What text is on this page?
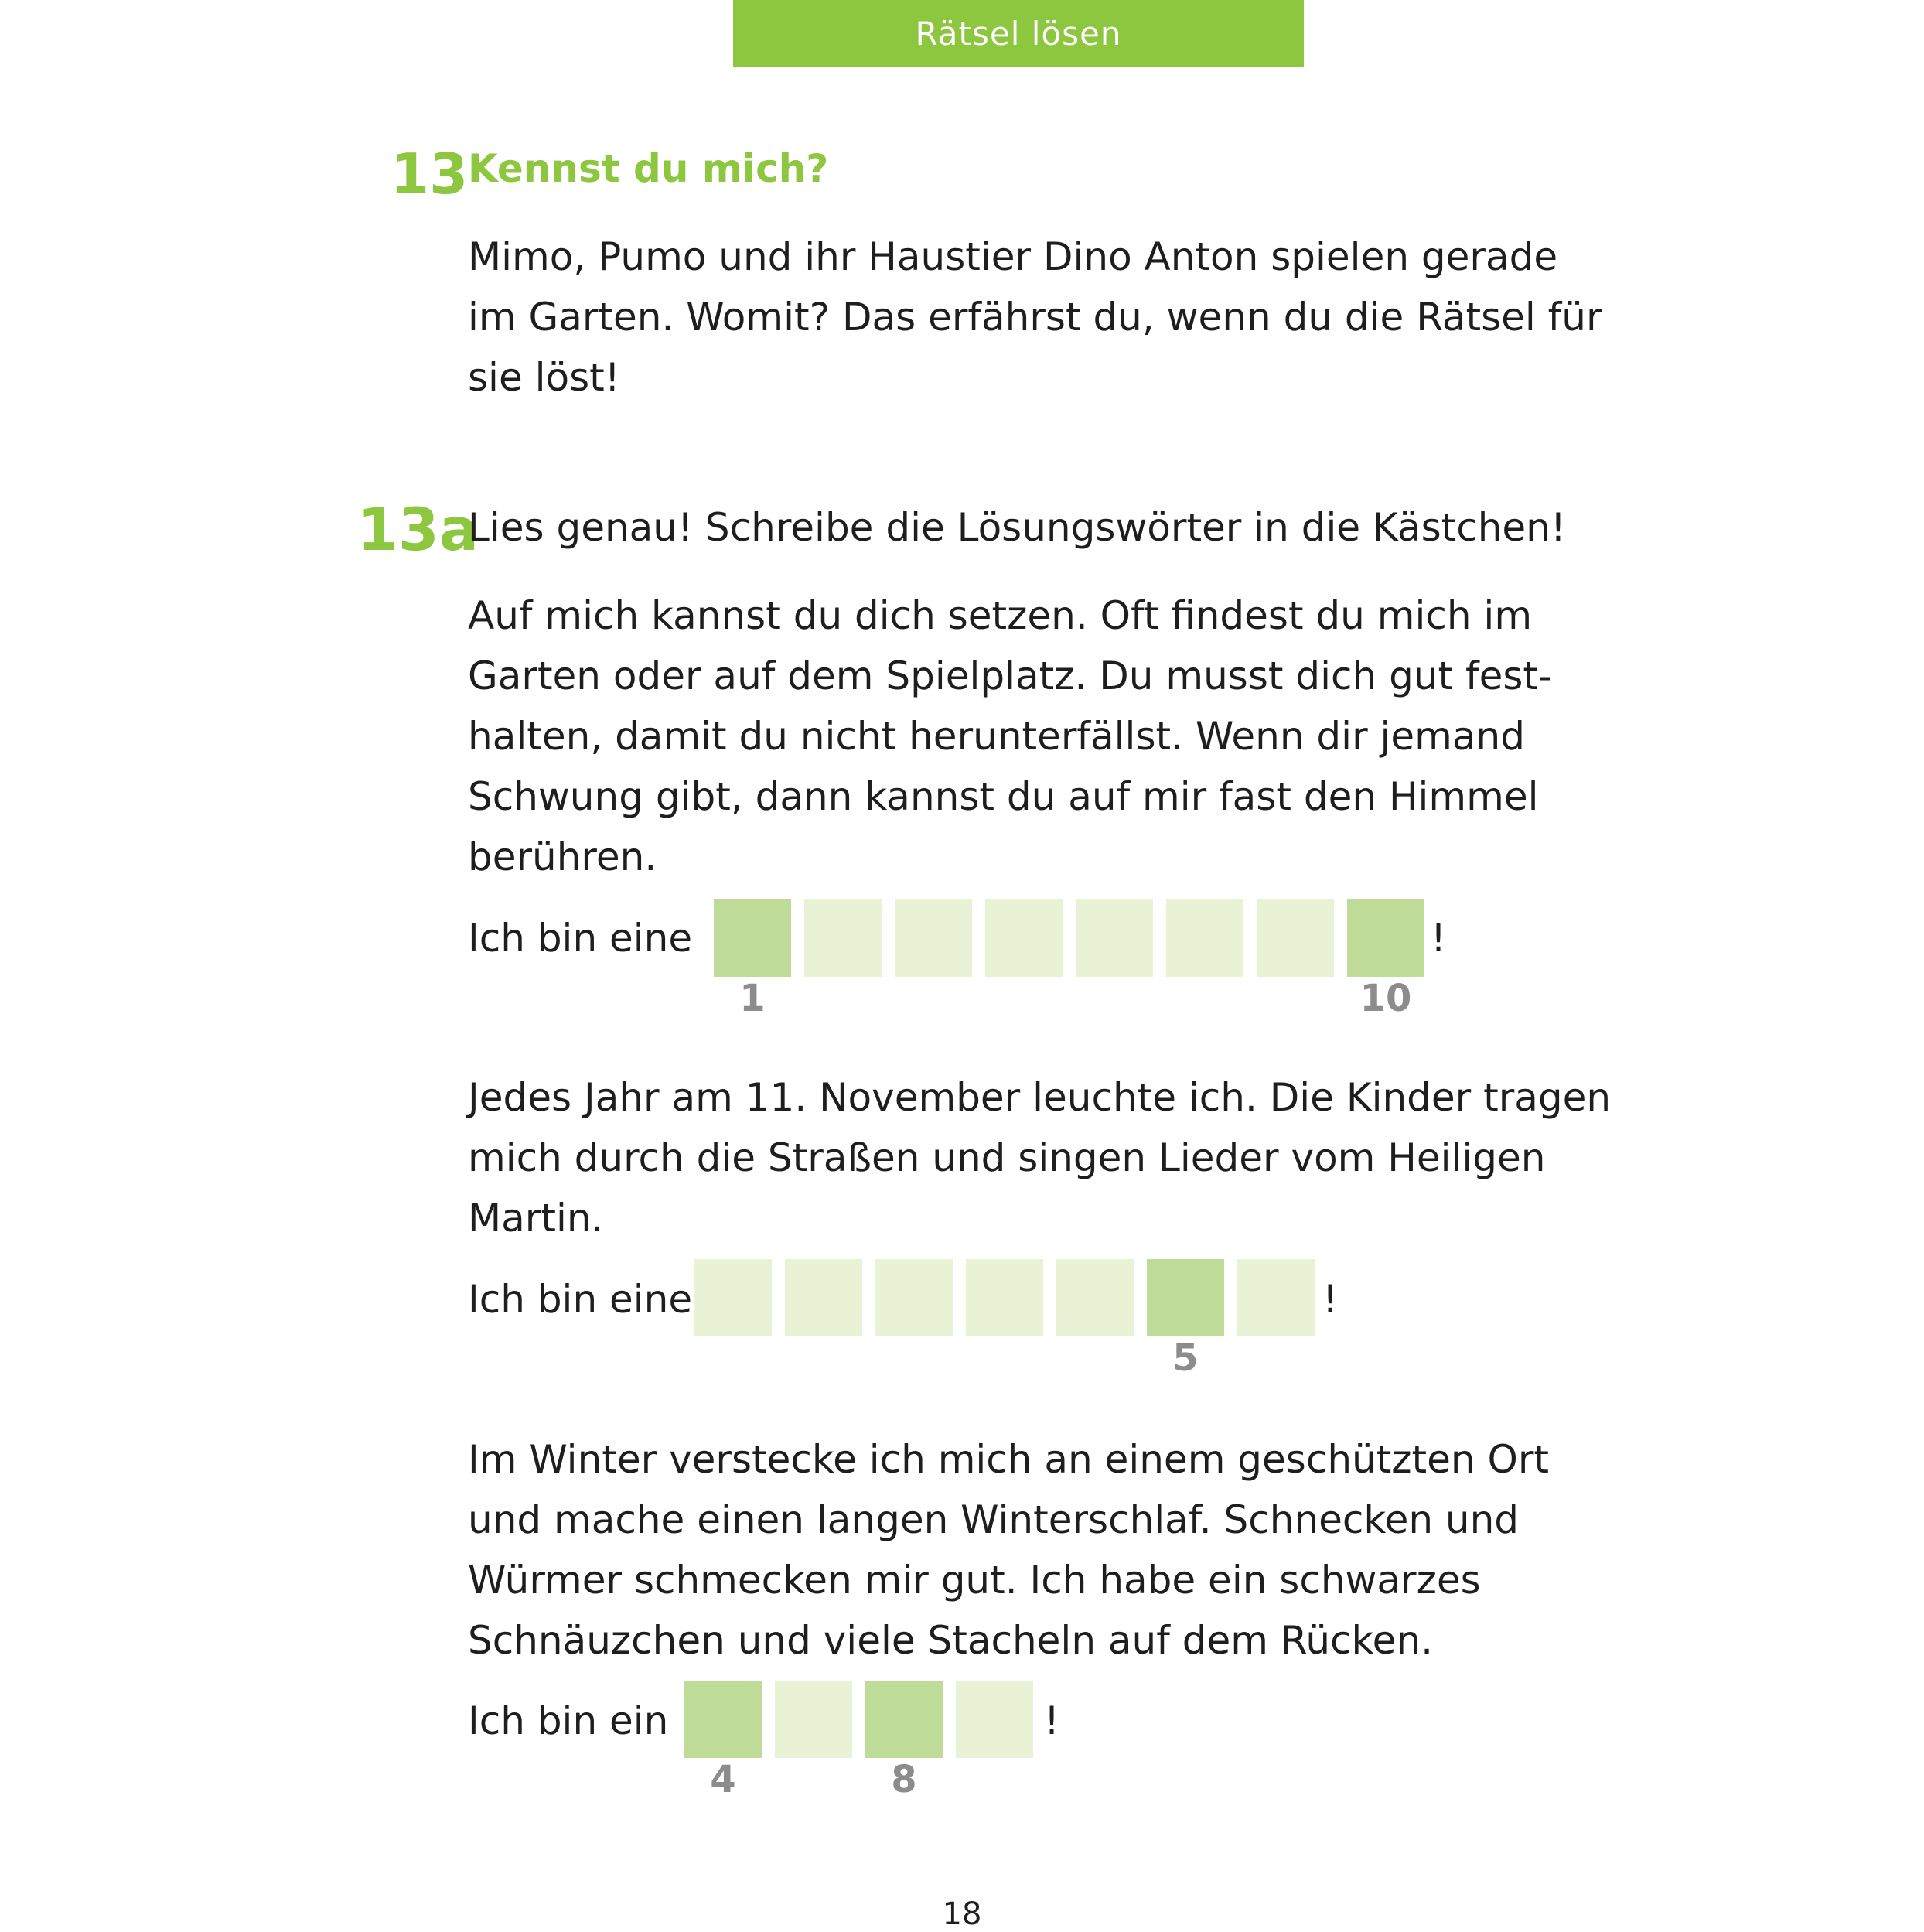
Rätsel lösen
13 Kennst du mich?

Mimo, Pumo und ihr Haustier Dino Anton spielen gerade
im Garten. Womit? Das erfährst du, wenn du die Rätsel für
sie löst!

13a
Lies genau! Schreibe die Lösungswörter in die Kästchen!

Auf mich kannst du dich setzen. Oft findest du mich im
Garten oder auf dem Spielplatz. Du musst dich gut fest-
halten, damit du nicht herunterfällst. Wenn dir jemand
Schwung gibt, dann kannst du auf mir fast den Himmel
berühren.

Ich bin eine
1	10
!

Jedes Jahr am 11. November leuchte ich. Die Kinder tragen
mich durch die Straßen und singen Lieder vom Heiligen
Martin.

Ich bin eine
5
!

Im Winter verstecke ich mich an einem geschützten Ort
und mache einen langen Winterschlaf. Schnecken und
Würmer schmecken mir gut. Ich habe ein schwarzes
Schnäuzchen und viele Stacheln auf dem Rücken.

Ich bin ein
4	8
!
18
